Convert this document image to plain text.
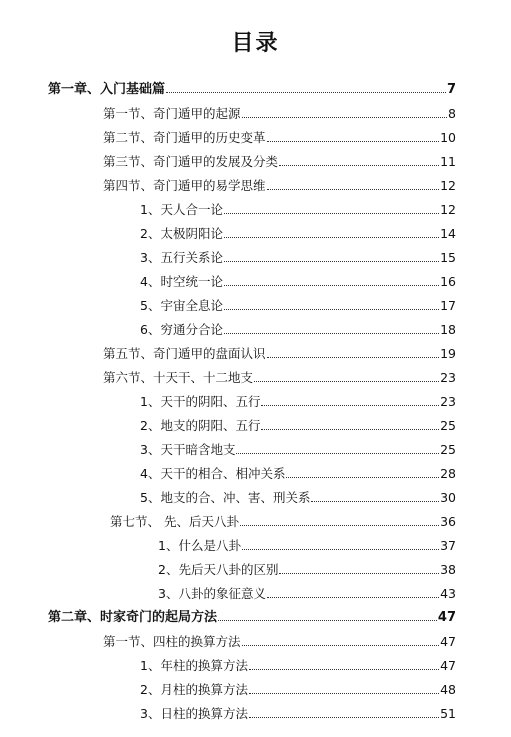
目录
第一章、入门基础篇	7
第一节、奇门遁甲的起源	8
第二节、奇门遁甲的历史变革	10
第三节、奇门遁甲的发展及分类	11
第四节、奇门遁甲的易学思维	12
1、天人合一论	12
2、太极阴阳论	14
3、五行关系论	15
4、时空统一论	16
5、宇宙全息论	17
6、穷通分合论	18
第五节、奇门遁甲的盘面认识	19
第六节、十天干、十二地支	23
1、天干的阴阳、五行	23
2、地支的阴阳、五行	25
3、天干暗含地支	25
4、天干的相合、相冲关系	28
5、地支的合、冲、害、刑关系	30
第七节、 先、后天八卦	36
1、什么是八卦	37
2、先后天八卦的区别	38
3、八卦的象征意义	43
第二章、时家奇门的起局方法	47
第一节、四柱的换算方法	47
1、年柱的换算方法	47
2、月柱的换算方法	48
3、日柱的换算方法	51
